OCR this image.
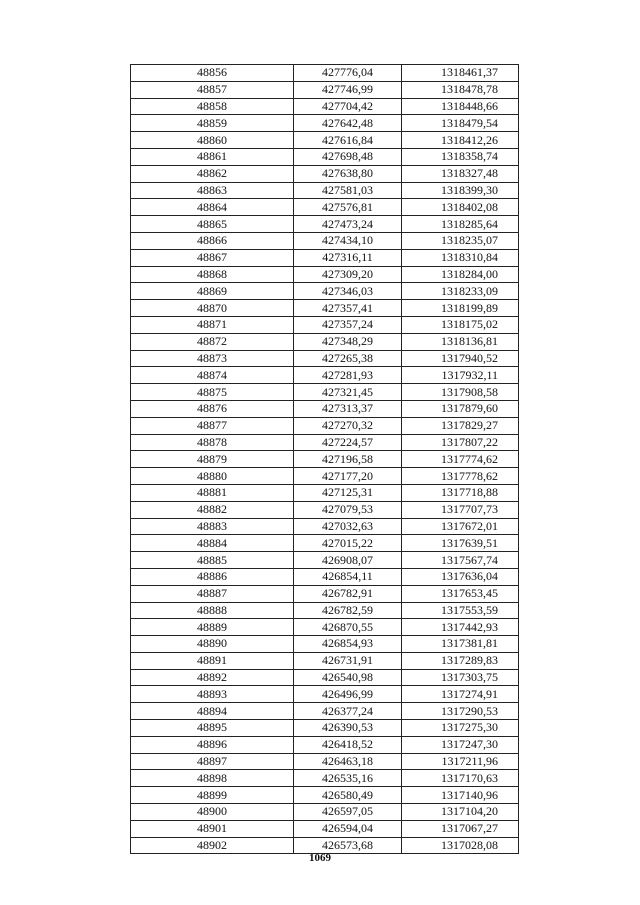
48856	427776,04	1318461,37
48857	427746,99	1318478,78
48858	427704,42	1318448,66
48859	427642,48	1318479,54
48860	427616,84	1318412,26
48861	427698,48	1318358,74
48862	427638,80	1318327,48
48863	427581,03	1318399,30
48864	427576,81	1318402,08
48865	427473,24	1318285,64
48866	427434,10	1318235,07
48867	427316,11	1318310,84
48868	427309,20	1318284,00
48869	427346,03	1318233,09
48870	427357,41	1318199,89
48871	427357,24	1318175,02
48872	427348,29	1318136,81
48873	427265,38	1317940,52
48874	427281,93	1317932,11
48875	427321,45	1317908,58
48876	427313,37	1317879,60
48877	427270,32	1317829,27
48878	427224,57	1317807,22
48879	427196,58	1317774,62
48880	427177,20	1317778,62
48881	427125,31	1317718,88
48882	427079,53	1317707,73
48883	427032,63	1317672,01
48884	427015,22	1317639,51
48885	426908,07	1317567,74
48886	426854,11	1317636,04
48887	426782,91	1317653,45
48888	426782,59	1317553,59
48889	426870,55	1317442,93
48890	426854,93	1317381,81
48891	426731,91	1317289,83
48892	426540,98	1317303,75
48893	426496,99	1317274,91
48894	426377,24	1317290,53
48895	426390,53	1317275,30
48896	426418,52	1317247,30
48897	426463,18	1317211,96
48898	426535,16	1317170,63
48899	426580,49	1317140,96
48900	426597,05	1317104,20
48901	426594,04	1317067,27
48902	426573,68	1317028,08
1069
